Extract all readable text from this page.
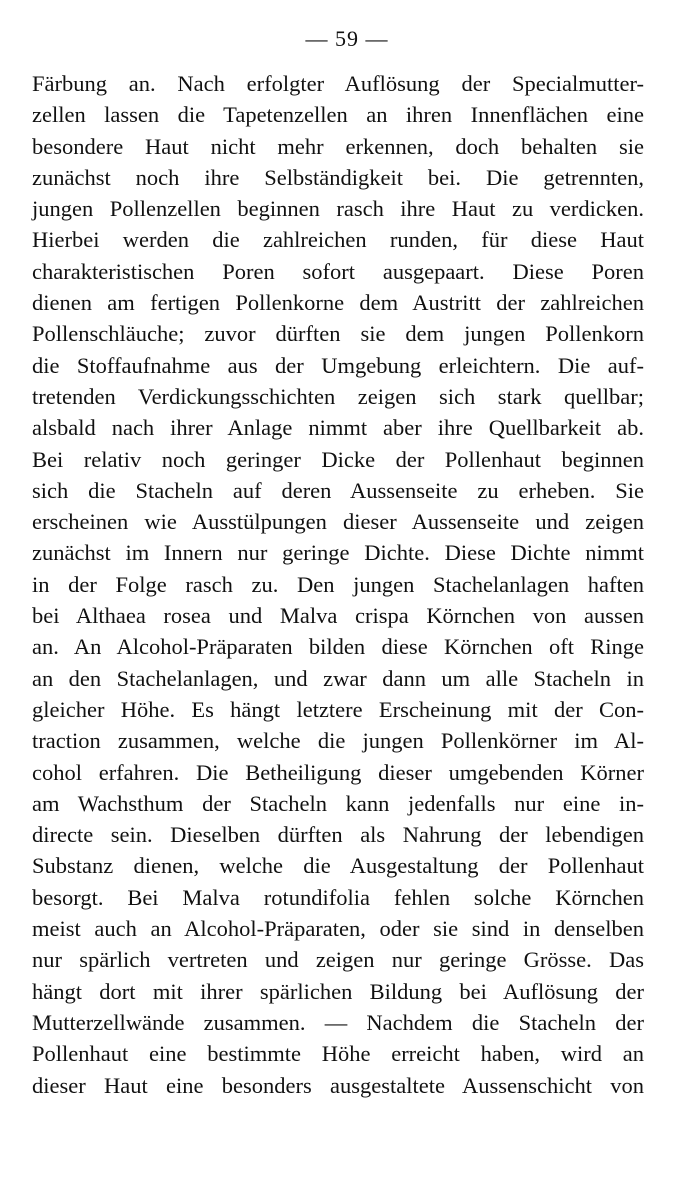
— 59 —
Färbung an. Nach erfolgter Auflösung der Specialmutter-
zellen lassen die Tapetenzellen an ihren Innenflächen eine
besondere Haut nicht mehr erkennen, doch behalten sie
zunächst noch ihre Selbständigkeit bei. Die getrennten,
jungen Pollenzellen beginnen rasch ihre Haut zu verdicken.
Hierbei werden die zahlreichen runden, für diese Haut
charakteristischen Poren sofort ausgepaart. Diese Poren
dienen am fertigen Pollenkorne dem Austritt der zahlreichen
Pollenschläuche; zuvor dürften sie dem jungen Pollenkorn
die Stoffaufnahme aus der Umgebung erleichtern. Die auf-
tretenden Verdickungsschichten zeigen sich stark quellbar;
alsbald nach ihrer Anlage nimmt aber ihre Quellbarkeit ab.
Bei relativ noch geringer Dicke der Pollenhaut beginnen
sich die Stacheln auf deren Aussenseite zu erheben. Sie
erscheinen wie Ausstülpungen dieser Aussenseite und zeigen
zunächst im Innern nur geringe Dichte. Diese Dichte nimmt
in der Folge rasch zu. Den jungen Stachelanlagen haften
bei Althaea rosea und Malva crispa Körnchen von aussen
an. An Alcohol-Präparaten bilden diese Körnchen oft Ringe
an den Stachelanlagen, und zwar dann um alle Stacheln in
gleicher Höhe. Es hängt letztere Erscheinung mit der Con-
traction zusammen, welche die jungen Pollenkörner im Al-
cohol erfahren. Die Betheiligung dieser umgebenden Körner
am Wachsthum der Stacheln kann jedenfalls nur eine in-
directe sein. Dieselben dürften als Nahrung der lebendigen
Substanz dienen, welche die Ausgestaltung der Pollenhaut
besorgt. Bei Malva rotundifolia fehlen solche Körnchen
meist auch an Alcohol-Präparaten, oder sie sind in denselben
nur spärlich vertreten und zeigen nur geringe Grösse. Das
hängt dort mit ihrer spärlichen Bildung bei Auflösung der
Mutterzellwände zusammen. — Nachdem die Stacheln der
Pollenhaut eine bestimmte Höhe erreicht haben, wird an
dieser Haut eine besonders ausgestaltete Aussenschicht von
